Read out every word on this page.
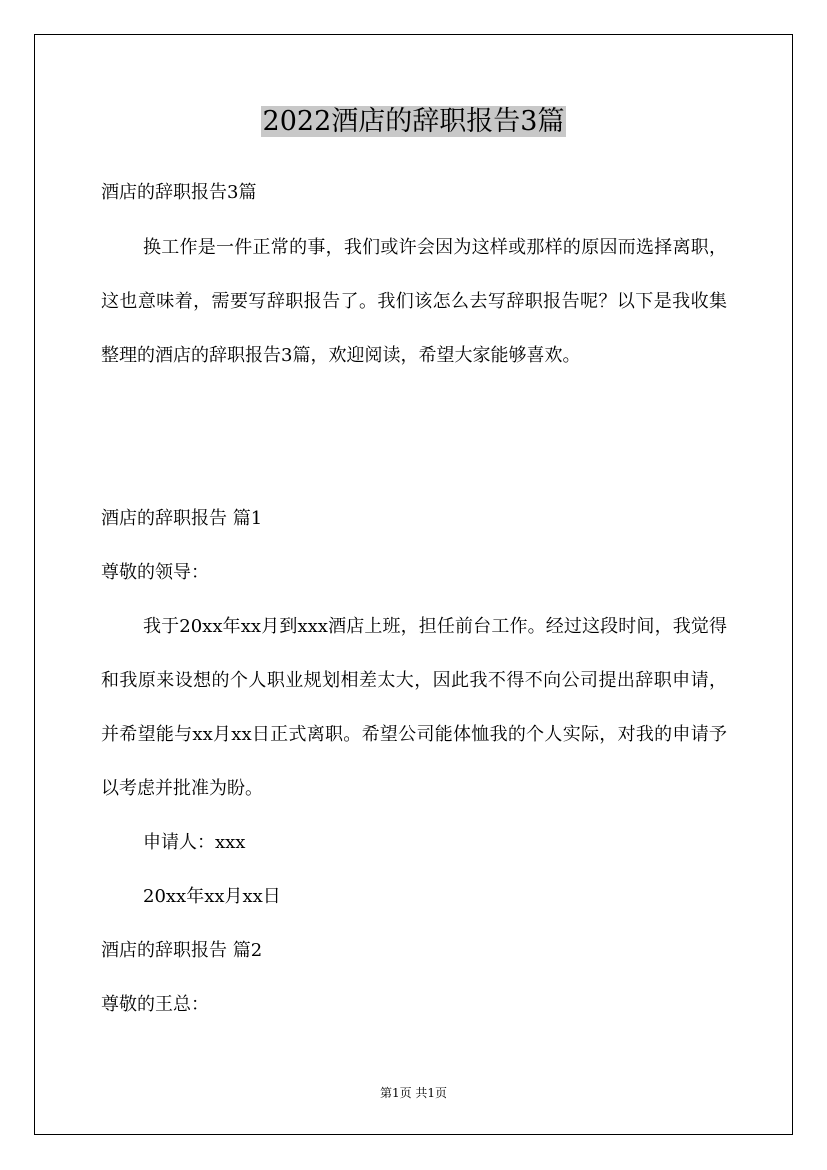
2022酒店的辞职报告3篇
酒店的辞职报告3篇

换工作是一件正常的事，我们或许会因为这样或那样的原因而选择离职，这也意味着，需要写辞职报告了。我们该怎么去写辞职报告呢？以下是我收集整理的酒店的辞职报告3篇，欢迎阅读，希望大家能够喜欢。

酒店的辞职报告 篇1
尊敬的领导：

我于20xx年xx月到xxx酒店上班，担任前台工作。经过这段时间，我觉得和我原来设想的个人职业规划相差太大，因此我不得不向公司提出辞职申请，并希望能与xx月xx日正式离职。希望公司能体恤我的个人实际，对我的申请予以考虑并批准为盼。

申请人：xxx
20xx年xx月xx日
酒店的辞职报告 篇2
尊敬的王总：
第1页 共1页
